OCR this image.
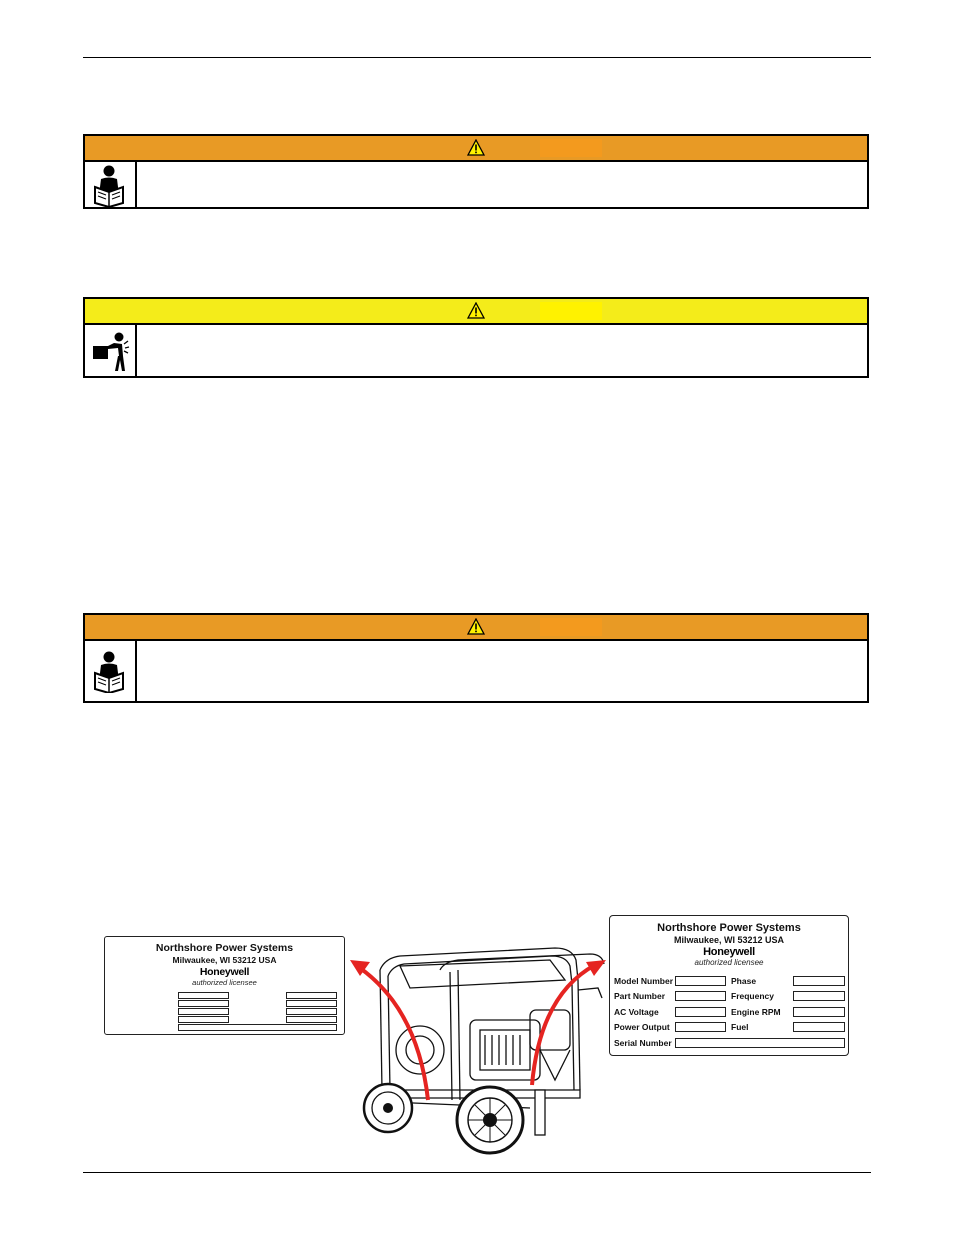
Northshore Power Systems
Milwaukee, WI 53212 USA
Honeywell
authorized licensee
Northshore Power Systems
Milwaukee, WI 53212 USA
Honeywell
authorized licensee
Model Number
Part Number
AC Voltage
Power Output
Serial Number
Phase
Frequency
Engine RPM
Fuel
